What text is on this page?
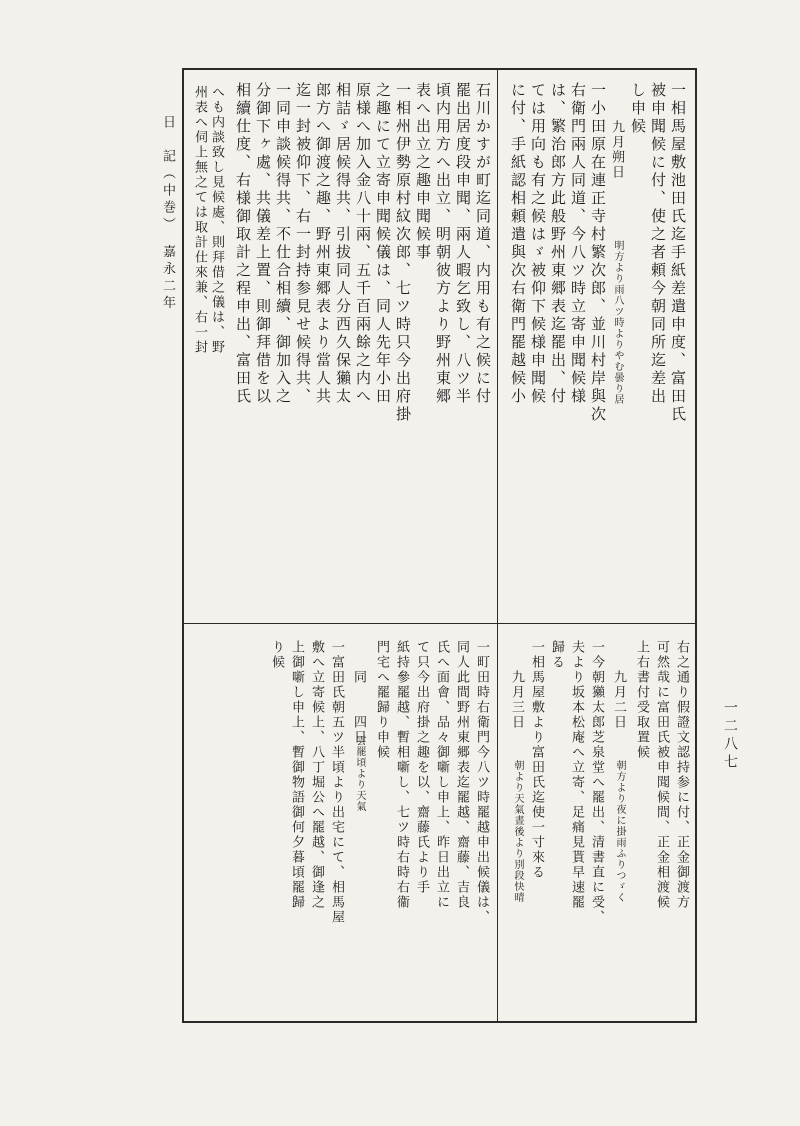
日　記（中巻）　嘉永二年
一二八七
一相馬屋敷池田氏迄手紙差遣申度、富田氏
被申聞候に付、使之者頼今朝同所迄差出
し申候
九月朔日
明方より雨八ツ時よりやむ曇り居
一小田原在連正寺村繁次郎、並川村岸與次
右衛門兩人同道、今八ツ時立寄申聞候様
は、繁治郎方此般野州東郷表迄罷出、付
ては用向も有之候はゞ被仰下候様申聞候
に付、手紙認相頼遣與次右衛門罷越候小
石川かすが町迄同道、内用も有之候に付
罷出居度段申聞、兩人暇乞致し、八ツ半
頃内用方へ出立、明朝彼方より野州東郷
表へ出立之趣申聞候事
一相州伊勢原村紋次郎、七ツ時只今出府掛
之趣にて立寄申聞候儀は、同人先年小田
原様へ加入金八十兩、五千百兩餘之内へ
相詰ゞ居候得共、引拔同人分西久保獺太
郎方へ御渡之趣、野州東郷表より當人共
迄一封被仰下、右一封持参見せ候得共、
一同申談候得共、不仕合相續、御加入之
分御下ヶ處、共儀差上置、則御拜借を以
相續仕度、右様御取計之程申出、富田氏
へも内談致し見候處、則拜借之儀は、野
州表へ伺上無之ては取計仕來兼、右一封
右之通り假證文認持参に付、正金御渡方
可然哉に富田氏被申聞候間、正金相渡候
上右書付受取置候
九月二日
朝方より夜に掛雨ふりつゞく
一今朝獺太郎芝泉堂へ罷出、清書直に受、
夫より坂本松庵へ立寄、足痛見貰早速罷
歸る
一相馬屋敷より富田氏迄使一寸來る
九月三日
朝より天氣晝後より別段快晴
一町田時右衛門今八ツ時罷越申出候儀は、
同人此間野州東郷表迄罷越、齋藤、吉良
氏へ面會、品々御噺し申上、昨日出立に
て只今出府掛之趣を以、齋藤氏より手
紙持參罷越、暫相噺し、七ツ時右時右衞
門宅へ罷歸り申候
同　　四日
雲罷頃より天氣
一富田氏朝五ツ半頃より出宅にて、相馬屋
敷へ立寄候上、八丁堀公へ罷越、御逢之
上御噺し申上、暫御物語御何夕暮頃罷歸
り候
